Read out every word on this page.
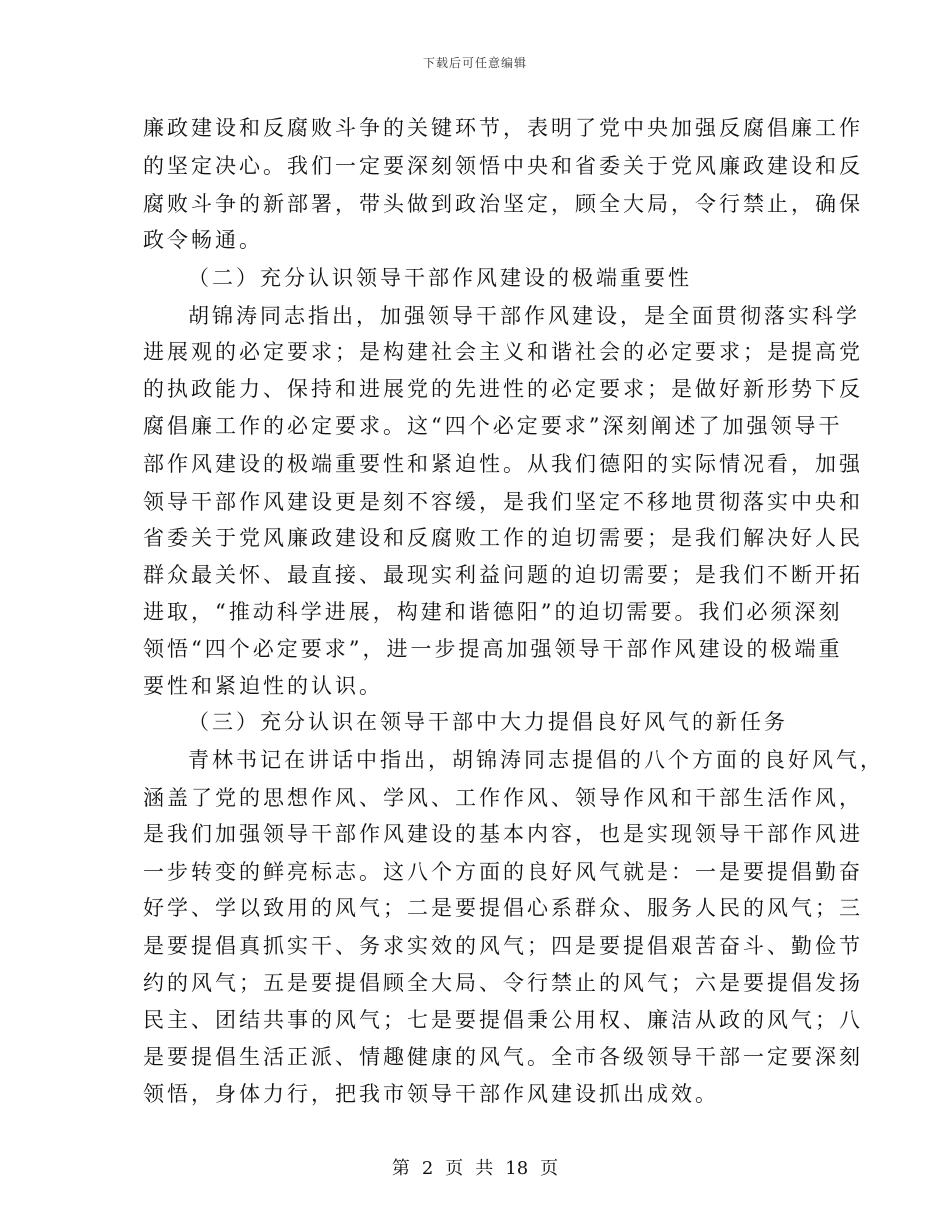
下载后可任意编辑
廉政建设和反腐败斗争的关键环节，表明了党中央加强反腐倡廉工作
的坚定决心。我们一定要深刻领悟中央和省委关于党风廉政建设和反
腐败斗争的新部署，带头做到政治坚定，顾全大局，令行禁止，确保
政令畅通。
（二）充分认识领导干部作风建设的极端重要性
胡锦涛同志指出，加强领导干部作风建设，是全面贯彻落实科学
进展观的必定要求；是构建社会主义和谐社会的必定要求；是提高党
的执政能力、保持和进展党的先进性的必定要求；是做好新形势下反
腐倡廉工作的必定要求。这“四个必定要求”深刻阐述了加强领导干
部作风建设的极端重要性和紧迫性。从我们德阳的实际情况看，加强
领导干部作风建设更是刻不容缓，是我们坚定不移地贯彻落实中央和
省委关于党风廉政建设和反腐败工作的迫切需要；是我们解决好人民
群众最关怀、最直接、最现实利益问题的迫切需要；是我们不断开拓
进取，“推动科学进展，构建和谐德阳”的迫切需要。我们必须深刻
领悟“四个必定要求”，进一步提高加强领导干部作风建设的极端重
要性和紧迫性的认识。
（三）充分认识在领导干部中大力提倡良好风气的新任务
青林书记在讲话中指出，胡锦涛同志提倡的八个方面的良好风气，
涵盖了党的思想作风、学风、工作作风、领导作风和干部生活作风，
是我们加强领导干部作风建设的基本内容，也是实现领导干部作风进
一步转变的鲜亮标志。这八个方面的良好风气就是：一是要提倡勤奋
好学、学以致用的风气；二是要提倡心系群众、服务人民的风气；三
是要提倡真抓实干、务求实效的风气；四是要提倡艰苦奋斗、勤俭节
约的风气；五是要提倡顾全大局、令行禁止的风气；六是要提倡发扬
民主、团结共事的风气；七是要提倡秉公用权、廉洁从政的风气；八
是要提倡生活正派、情趣健康的风气。全市各级领导干部一定要深刻
领悟，身体力行，把我市领导干部作风建设抓出成效。
第 2 页 共 18 页
